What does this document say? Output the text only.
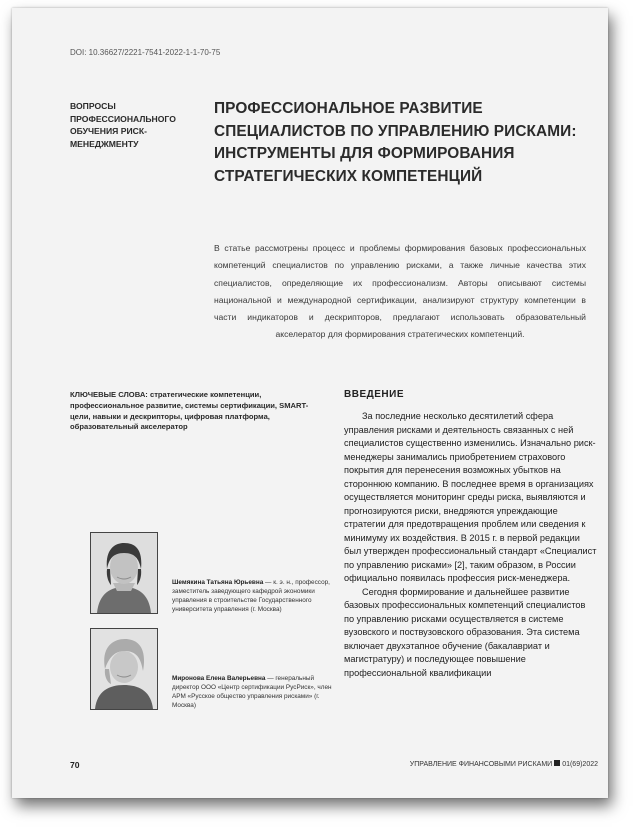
DOI: 10.36627/2221-7541-2022-1-1-70-75
ВОПРОСЫ ПРОФЕССИОНАЛЬНОГО ОБУЧЕНИЯ РИСК-МЕНЕДЖМЕНТУ
ПРОФЕССИОНАЛЬНОЕ РАЗВИТИЕ СПЕЦИАЛИСТОВ ПО УПРАВЛЕНИЮ РИСКАМИ: ИНСТРУМЕНТЫ ДЛЯ ФОРМИРОВАНИЯ СТРАТЕГИЧЕСКИХ КОМПЕТЕНЦИЙ
В статье рассмотрены процесс и проблемы формирования базовых профессиональных компетенций специалистов по управлению рисками, а также личные качества этих специалистов, определяющие их профессионализм. Авторы описывают системы национальной и международной сертификации, анализируют структуру компетенции в части индикаторов и дескрипторов, предлагают использовать образовательный акселератор для формирования стратегических компетенций.
КЛЮЧЕВЫЕ СЛОВА: стратегические компетенции, профессиональное развитие, системы сертификации, SMART-цели, навыки и дескрипторы, цифровая платформа, образовательный акселератор
ВВЕДЕНИЕ

За последние несколько десятилетий сфера управления рисками и деятельность связанных с ней специалистов существенно изменились. Изначально риск-менеджеры занимались приобретением страхового покрытия для перенесения возможных убытков на стороннюю компанию. В последнее время в организациях осуществляется мониторинг среды риска, выявляются и прогнозируются риски, внедряются упреждающие стратегии для предотвращения проблем или сведения к минимуму их воздействия. В 2015 г. в первой редакции был утвержден профессиональный стандарт «Специалист по управлению рисками» [2], таким образом, в России официально появилась профессия риск-менеджера.

Сегодня формирование и дальнейшее развитие базовых профессиональных компетенций специалистов по управлению рисками осуществляется в системе вузовского и поствузовского образования. Эта система включает двухэтапное обучение (бакалавриат и магистратуру) и последующее повышение профессиональной квалификации

Шемякина Татьяна Юрьевна — к. э. н., профессор, заместитель заведующего кафедрой экономики управления в строительстве Государственного университета управления (г. Москва)
Миронова Елена Валерьевна — генеральный директор ООО «Центр сертификации РусРиск», член АРМ «Русское общество управления рисками» (г. Москва)
70	УПРАВЛЕНИЕ ФИНАНСОВЫМИ РИСКАМИ 01(69)2022
